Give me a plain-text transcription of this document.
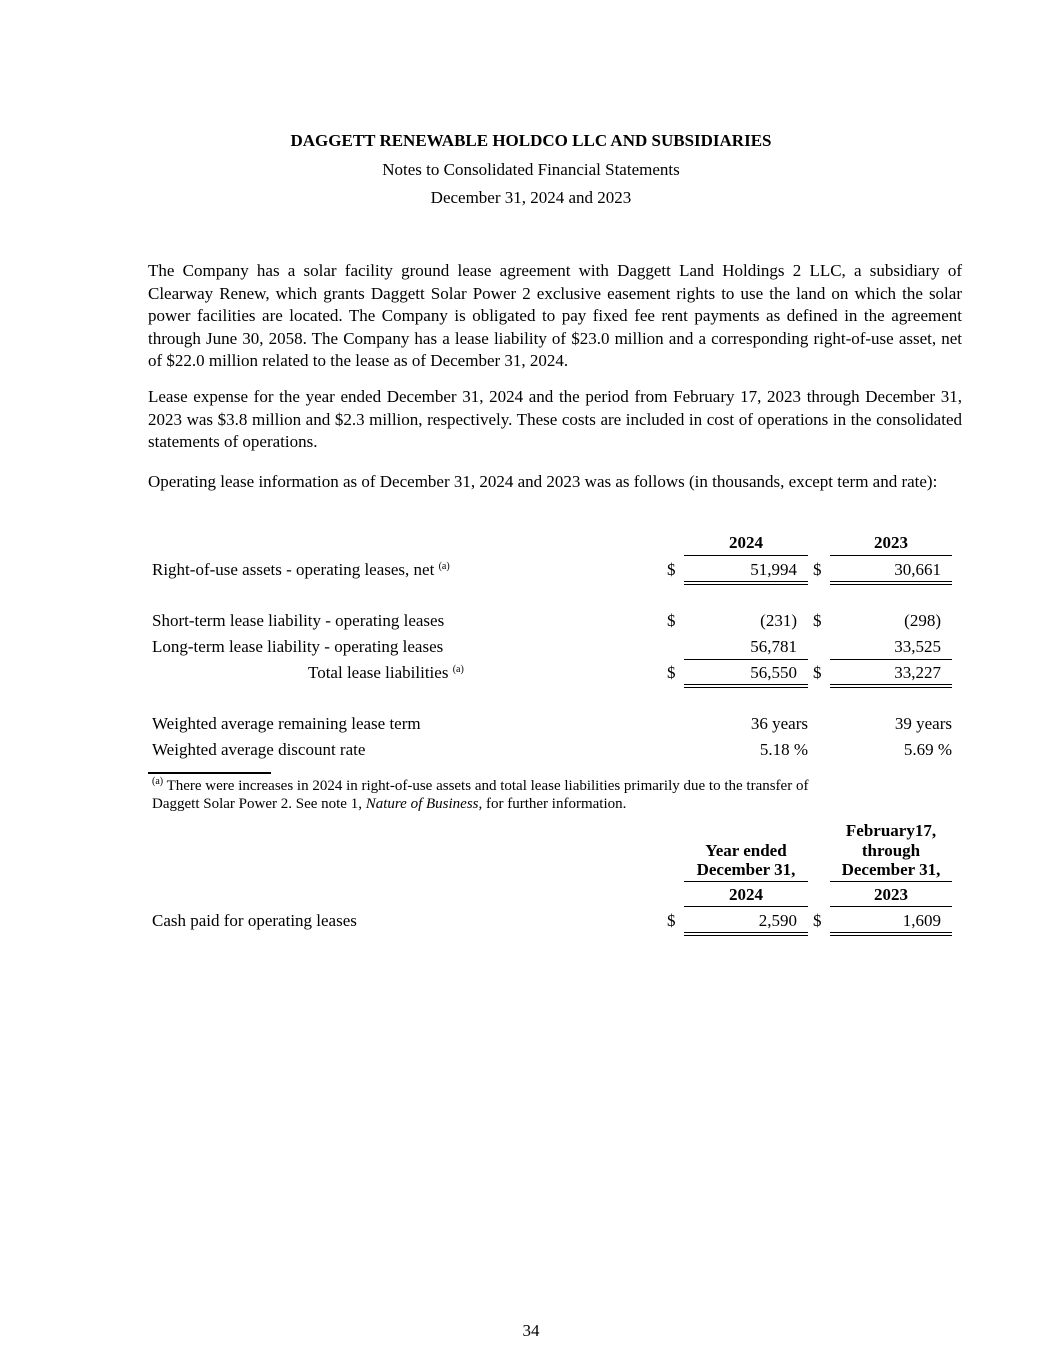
DAGGETT RENEWABLE HOLDCO LLC AND SUBSIDIARIES
Notes to Consolidated Financial Statements
December 31, 2024 and 2023
The Company has a solar facility ground lease agreement with Daggett Land Holdings 2 LLC, a subsidiary of Clearway Renew, which grants Daggett Solar Power 2 exclusive easement rights to use the land on which the solar power facilities are located. The Company is obligated to pay fixed fee rent payments as defined in the agreement through June 30, 2058. The Company has a lease liability of $23.0 million and a corresponding right-of-use asset, net of $22.0 million related to the lease as of December 31, 2024.
Lease expense for the year ended December 31, 2024 and the period from February 17, 2023 through December 31, 2023 was $3.8 million and $2.3 million, respectively. These costs are included in cost of operations in the consolidated statements of operations.
Operating lease information as of December 31, 2024 and 2023 was as follows (in thousands, except term and rate):
2024	2023
Right-of-use assets - operating leases, net $^{(a)}$	$	51,994 $	30,661
Short-term lease liability - operating leases	$	(231) $	(298)
Long-term lease liability - operating leases	56,781	33,525
Total lease liabilities $^{(a)}$	$	56,550 $	33,227
Weighted average remaining lease term	36 years	39 years
Weighted average discount rate	5.18 %	5.69 %
$^{(a)}$ There were increases in 2024 in right-of-use assets and total lease liabilities primarily due to the transfer of
Daggett Solar Power 2. See note 1, Nature of Business, for further information.
February17,
Year ended	through
December 31,	December 31,
2024	2023
Cash paid for operating leases	$	2,590 $	1,609
34
